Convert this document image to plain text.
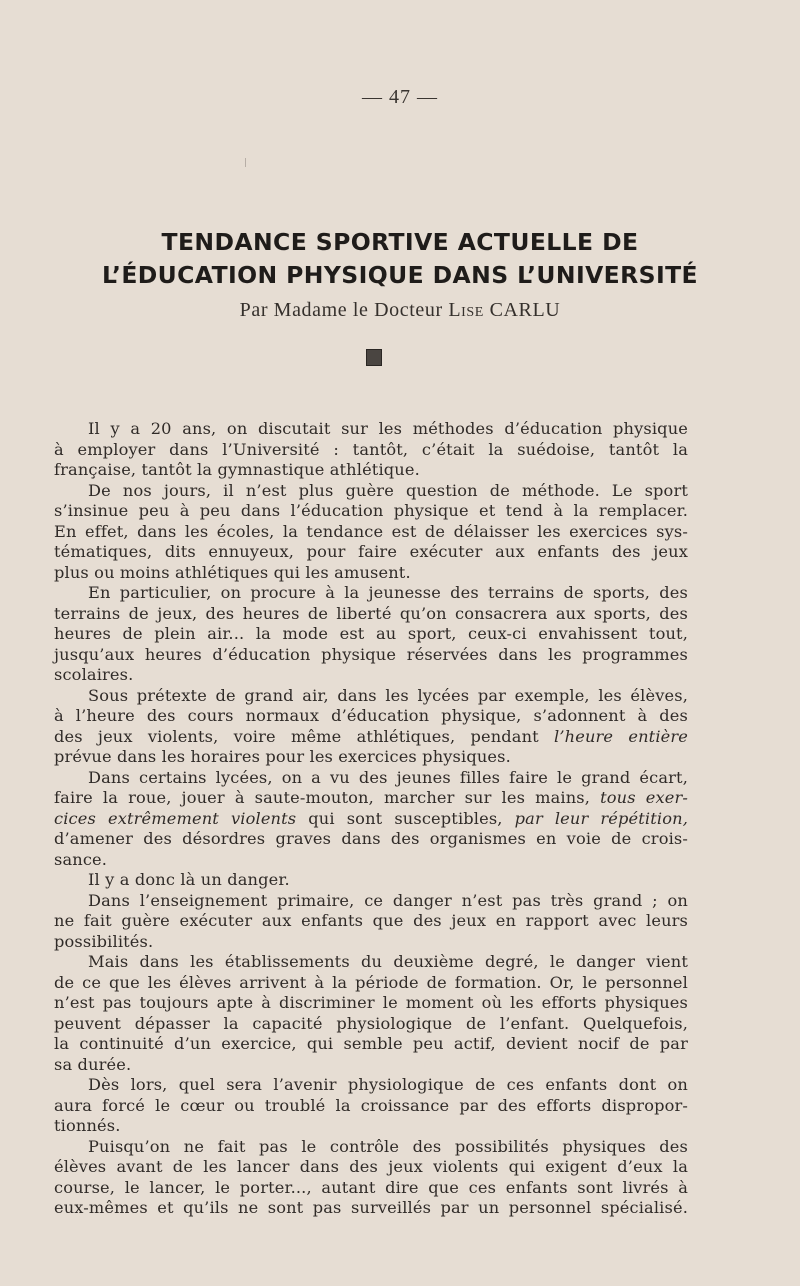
— 47 —
TENDANCE SPORTIVE ACTUELLE DE
L’ÉDUCATION PHYSIQUE DANS L’UNIVERSITÉ
Par Madame le Docteur Lise CARLU
Il y a 20 ans, on discutait sur les méthodes d’éducation physique
à employer dans l’Université : tantôt, c’était la suédoise, tantôt la
française, tantôt la gymnastique athlétique.
De nos jours, il n’est plus guère question de méthode. Le sport
s’insinue peu à peu dans l’éducation physique et tend à la remplacer.
En effet, dans les écoles, la tendance est de délaisser les exercices sys-
tématiques, dits ennuyeux, pour faire exécuter aux enfants des jeux
plus ou moins athlétiques qui les amusent.
En particulier, on procure à la jeunesse des terrains de sports, des
terrains de jeux, des heures de liberté qu’on consacrera aux sports, des
heures de plein air... la mode est au sport, ceux-ci envahissent tout,
jusqu’aux heures d’éducation physique réservées dans les programmes
scolaires.
Sous prétexte de grand air, dans les lycées par exemple, les élèves,
à l’heure des cours normaux d’éducation physique, s’adonnent à des
des jeux violents, voire même athlétiques, pendant l’heure entière
prévue dans les horaires pour les exercices physiques.
Dans certains lycées, on a vu des jeunes filles faire le grand écart,
faire la roue, jouer à saute-mouton, marcher sur les mains, tous exer-
cices extrêmement violents qui sont susceptibles, par leur répétition,
d’amener des désordres graves dans des organismes en voie de crois-
sance.
Il y a donc là un danger.
Dans l’enseignement primaire, ce danger n’est pas très grand ; on
ne fait guère exécuter aux enfants que des jeux en rapport avec leurs
possibilités.
Mais dans les établissements du deuxième degré, le danger vient
de ce que les élèves arrivent à la période de formation. Or, le personnel
n’est pas toujours apte à discriminer le moment où les efforts physiques
peuvent dépasser la capacité physiologique de l’enfant. Quelquefois,
la continuité d’un exercice, qui semble peu actif, devient nocif de par
sa durée.
Dès lors, quel sera l’avenir physiologique de ces enfants dont on
aura forcé le cœur ou troublé la croissance par des efforts dispropor-
tionnés.
Puisqu’on ne fait pas le contrôle des possibilités physiques des
élèves avant de les lancer dans des jeux violents qui exigent d’eux la
course, le lancer, le porter..., autant dire que ces enfants sont livrés à
eux-mêmes et qu’ils ne sont pas surveillés par un personnel spécialisé.
